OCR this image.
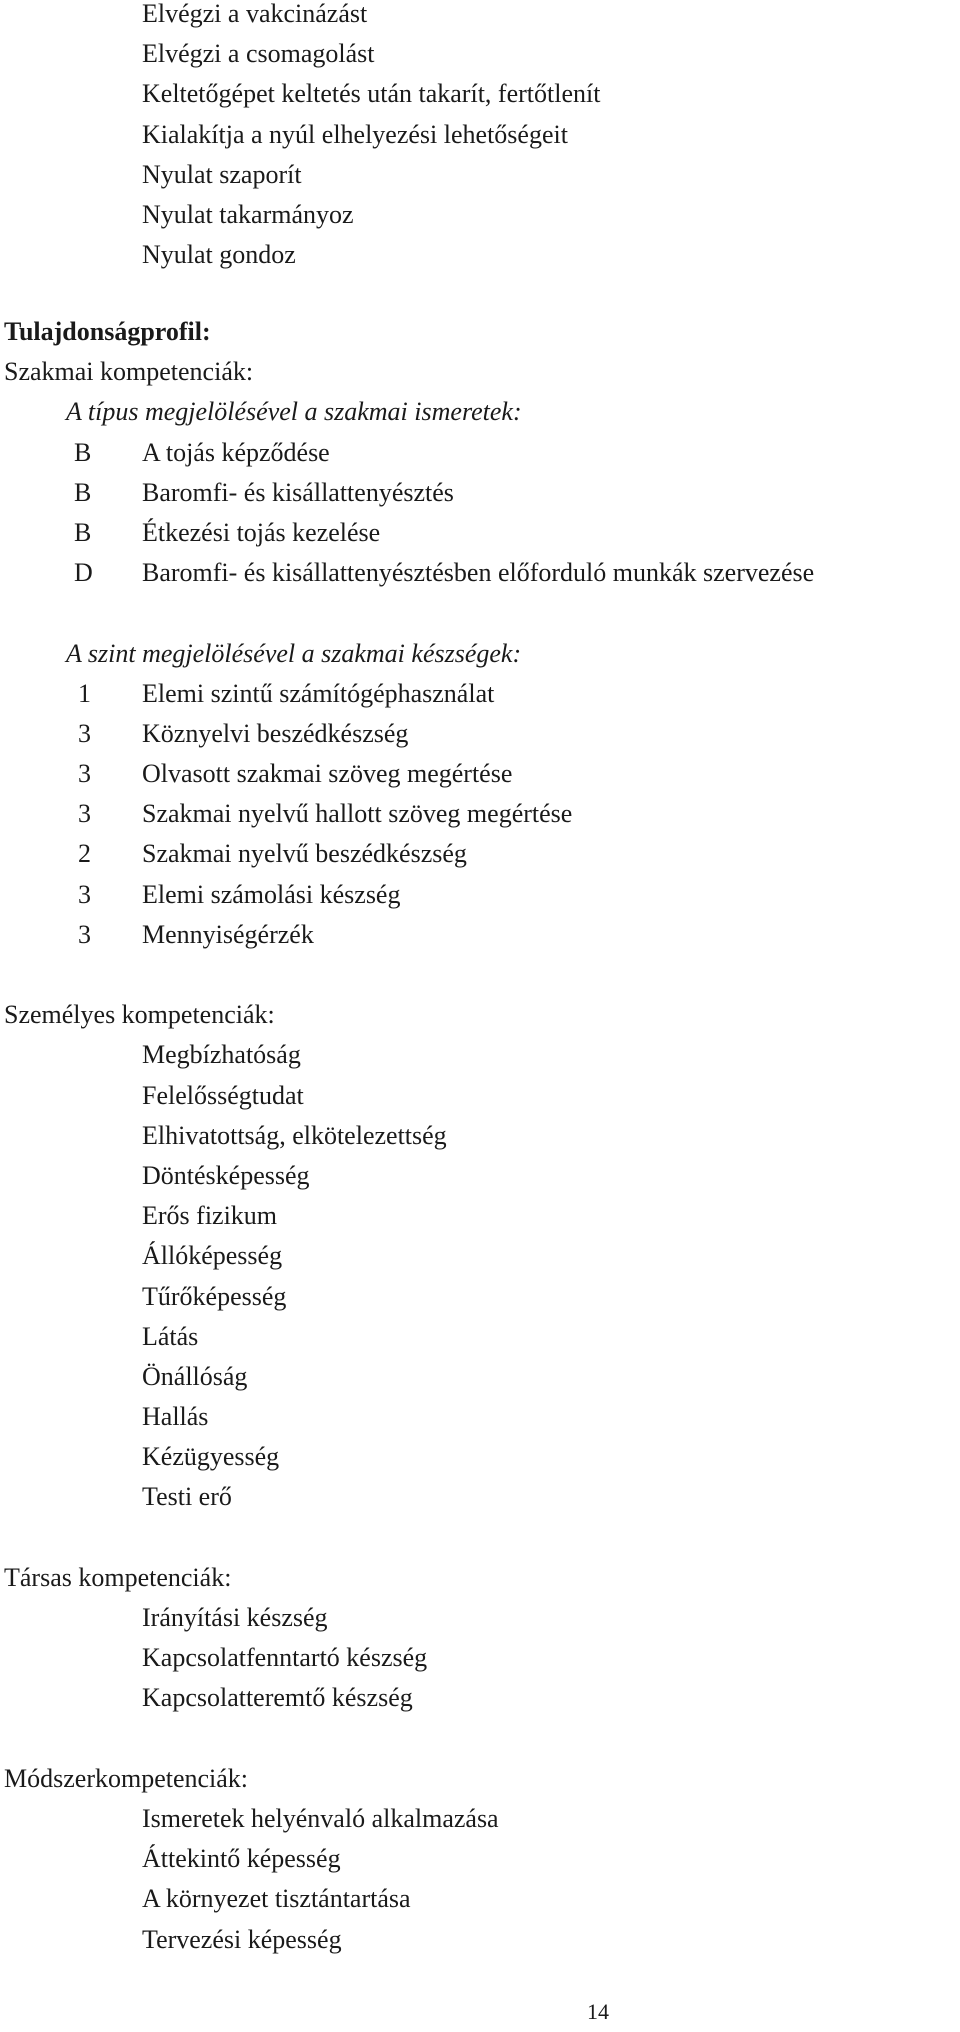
Elvégzi a vakcinázást
Elvégzi a csomagolást
Keltetőgépet keltetés után takarít, fertőtlenít
Kialakítja a nyúl elhelyezési lehetőségeit
Nyulat szaporít
Nyulat takarmányoz
Nyulat gondoz
Tulajdonságprofil:
Szakmai kompetenciák:
A típus megjelölésével a szakmai ismeretek:
B	A tojás képződése
B	Baromfi- és kisállattenyésztés
B	Étkezési tojás kezelése
D	Baromfi- és kisállattenyésztésben előforduló munkák szervezése
A szint megjelölésével a szakmai készségek:
1	Elemi szintű számítógéphasználat
3	Köznyelvi beszédkészség
3	Olvasott szakmai szöveg megértése
3	Szakmai nyelvű hallott szöveg megértése
2	Szakmai nyelvű beszédkészség
3	Elemi számolási készség
3	Mennyiségérzék
Személyes kompetenciák:
Megbízhatóság
Felelősségtudat
Elhivatottság, elkötelezettség
Döntésképesség
Erős fizikum
Állóképesség
Tűrőképesség
Látás
Önállóság
Hallás
Kézügyesség
Testi erő
Társas kompetenciák:
Irányítási készség
Kapcsolatfenntartó készség
Kapcsolatteremtő készség
Módszerkompetenciák:
Ismeretek helyénvaló alkalmazása
Áttekintő képesség
A környezet tisztántartása
Tervezési képesség
14
